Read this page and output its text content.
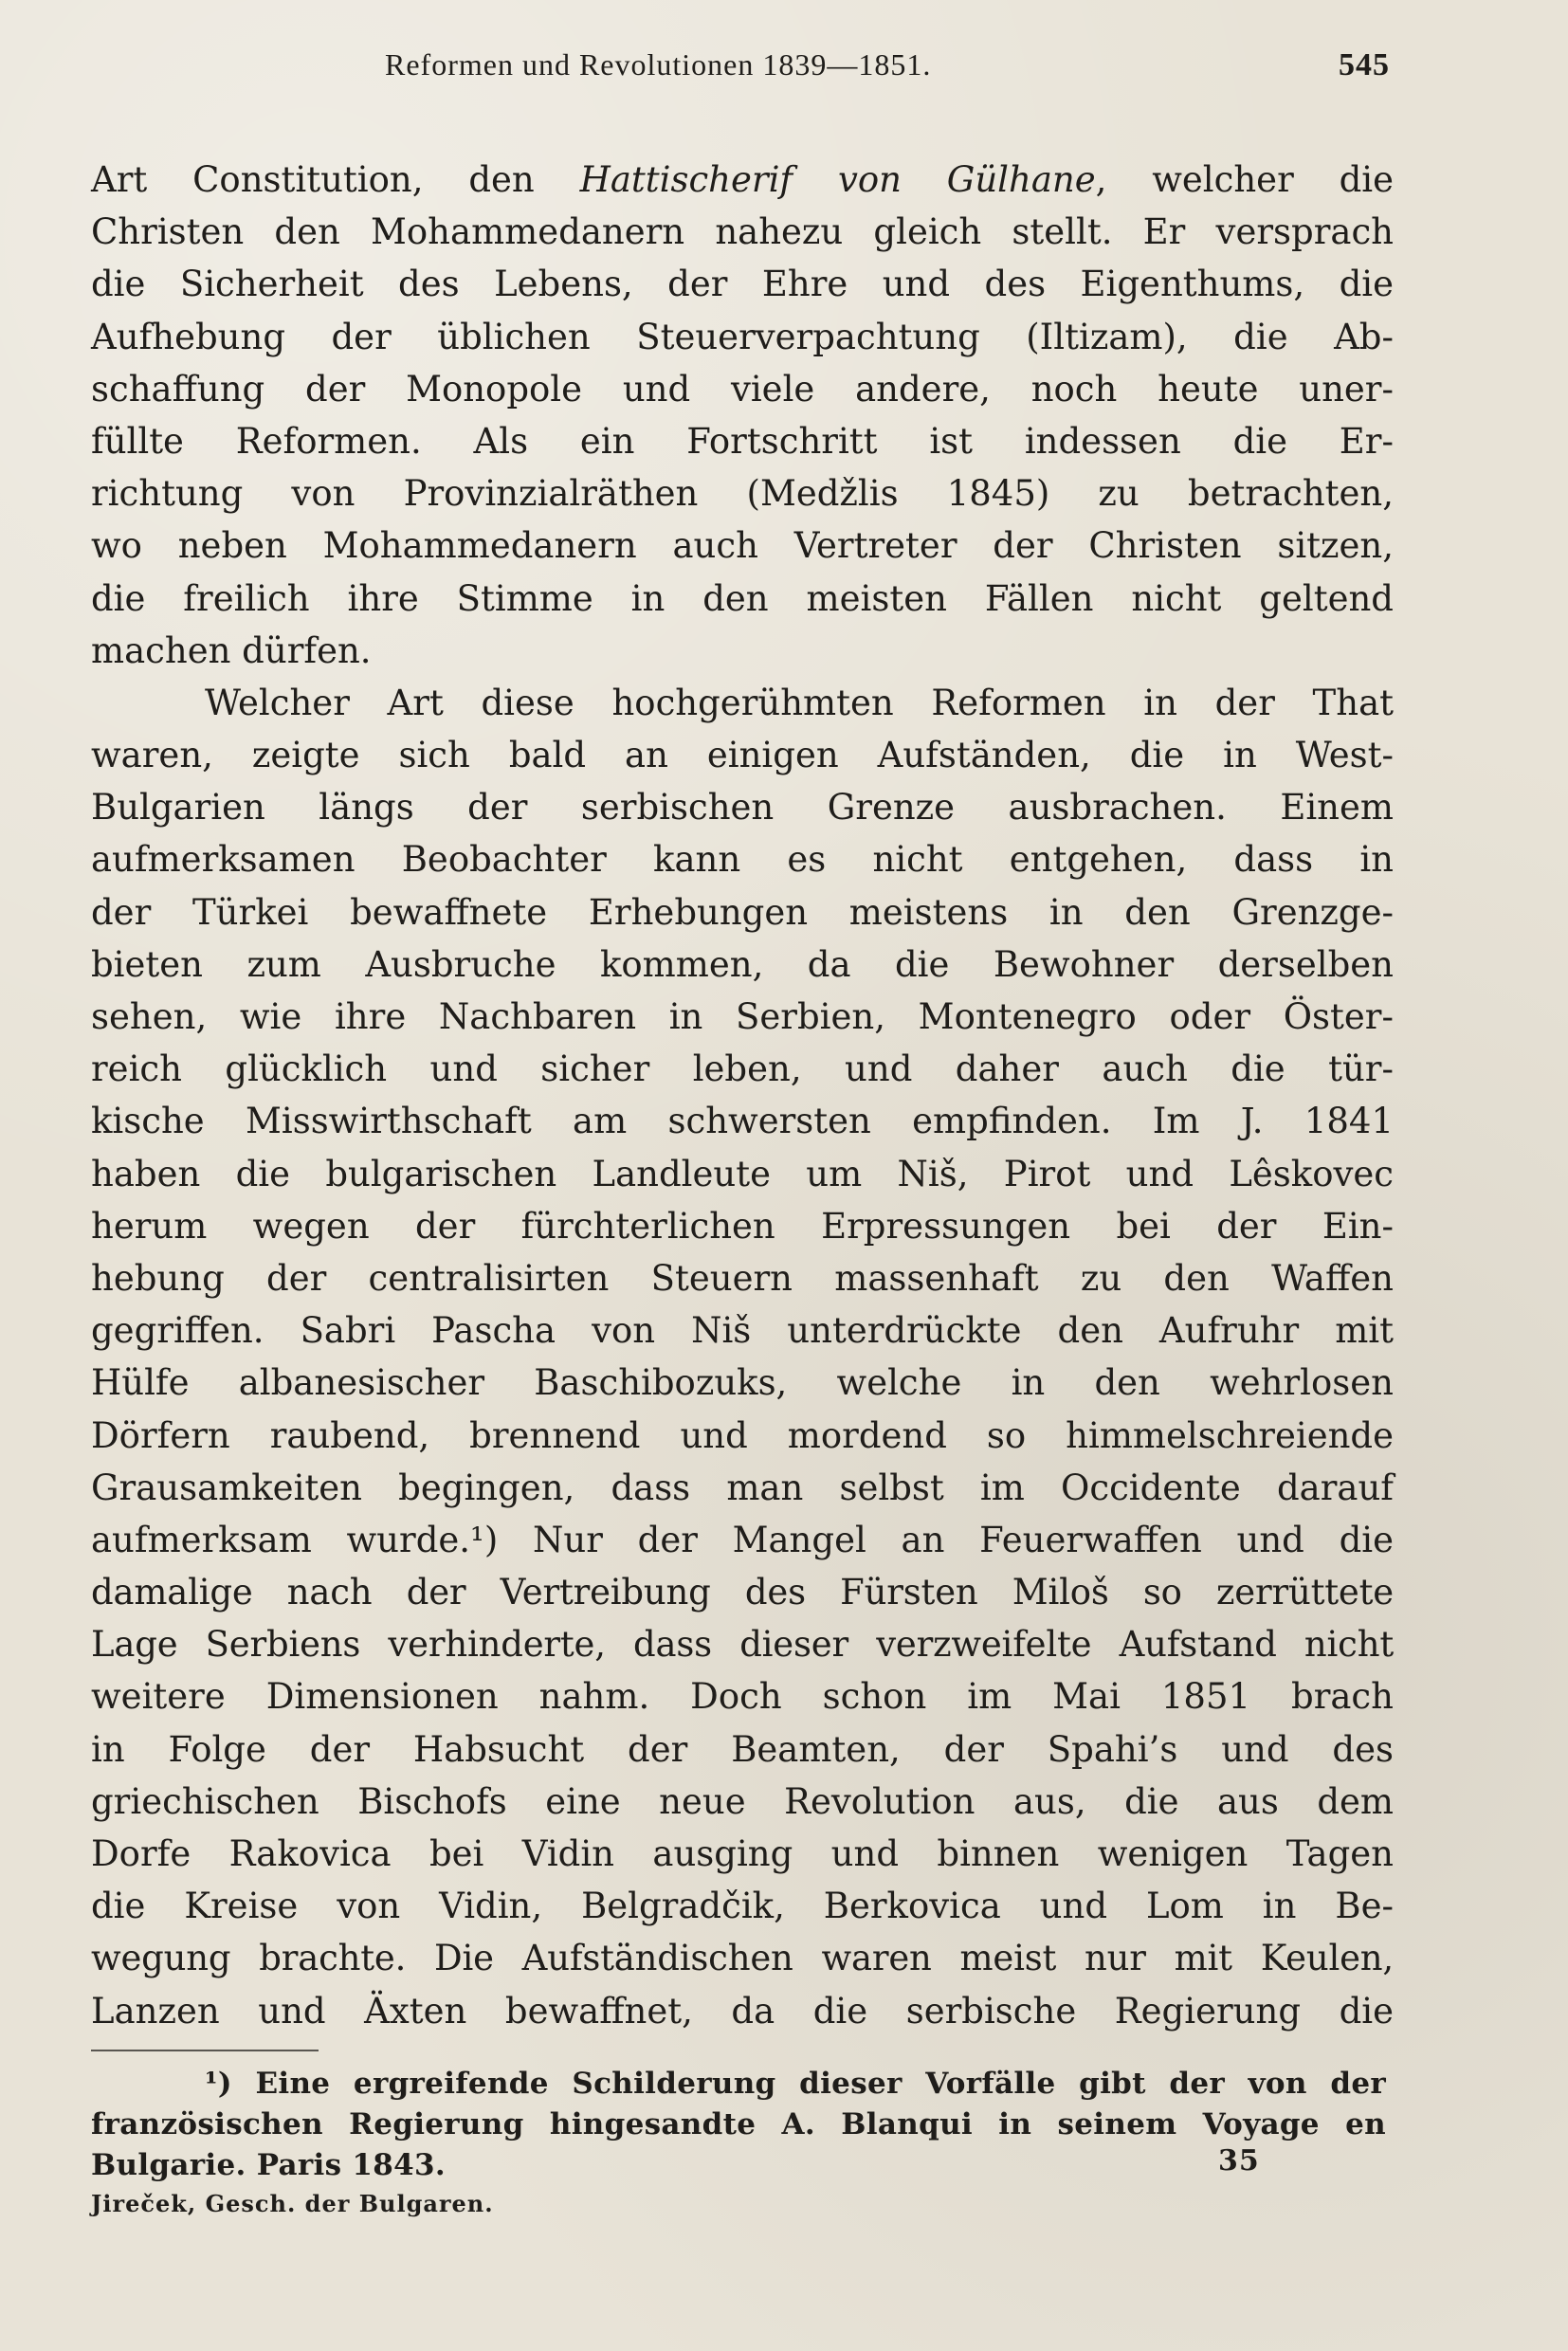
Reformen und Revolutionen 1839—1851.	545
Art Constitution, den Hattischerif von Gülhane, welcher die
Christen den Mohammedanern nahezu gleich stellt. Er versprach
die Sicherheit des Lebens, der Ehre und des Eigenthums, die
Aufhebung der üblichen Steuerverpachtung (Iltizam), die Ab-
schaffung der Monopole und viele andere, noch heute uner-
füllte Reformen. Als ein Fortschritt ist indessen die Er-
richtung von Provinzialräthen (Medžlis 1845) zu betrachten,
wo neben Mohammedanern auch Vertreter der Christen sitzen,
die freilich ihre Stimme in den meisten Fällen nicht geltend
machen dürfen.
Welcher Art diese hochgerühmten Reformen in der That
waren, zeigte sich bald an einigen Aufständen, die in West-
Bulgarien längs der serbischen Grenze ausbrachen. Einem
aufmerksamen Beobachter kann es nicht entgehen, dass in
der Türkei bewaffnete Erhebungen meistens in den Grenzge-
bieten zum Ausbruche kommen, da die Bewohner derselben
sehen, wie ihre Nachbaren in Serbien, Montenegro oder Öster-
reich glücklich und sicher leben, und daher auch die tür-
kische Misswirthschaft am schwersten empfinden. Im J. 1841
haben die bulgarischen Landleute um Niš, Pirot und Lêskovec
herum wegen der fürchterlichen Erpressungen bei der Ein-
hebung der centralisirten Steuern massenhaft zu den Waffen
gegriffen. Sabri Pascha von Niš unterdrückte den Aufruhr mit
Hülfe albanesischer Baschibozuks, welche in den wehrlosen
Dörfern raubend, brennend und mordend so himmelschreiende
Grausamkeiten begingen, dass man selbst im Occidente darauf
aufmerksam wurde.¹) Nur der Mangel an Feuerwaffen und die
damalige nach der Vertreibung des Fürsten Miloš so zerrüttete
Lage Serbiens verhinderte, dass dieser verzweifelte Aufstand nicht
weitere Dimensionen nahm. Doch schon im Mai 1851 brach
in Folge der Habsucht der Beamten, der Spahi’s und des
griechischen Bischofs eine neue Revolution aus, die aus dem
Dorfe Rakovica bei Vidin ausging und binnen wenigen Tagen
die Kreise von Vidin, Belgradčik, Berkovica und Lom in Be-
wegung brachte. Die Aufständischen waren meist nur mit Keulen,
Lanzen und Äxten bewaffnet, da die serbische Regierung die
¹) Eine ergreifende Schilderung dieser Vorfälle gibt der von der
französischen Regierung hingesandte A. Blanqui in seinem Voyage en
Bulgarie. Paris 1843.	35
Jireček, Gesch. der Bulgaren.
